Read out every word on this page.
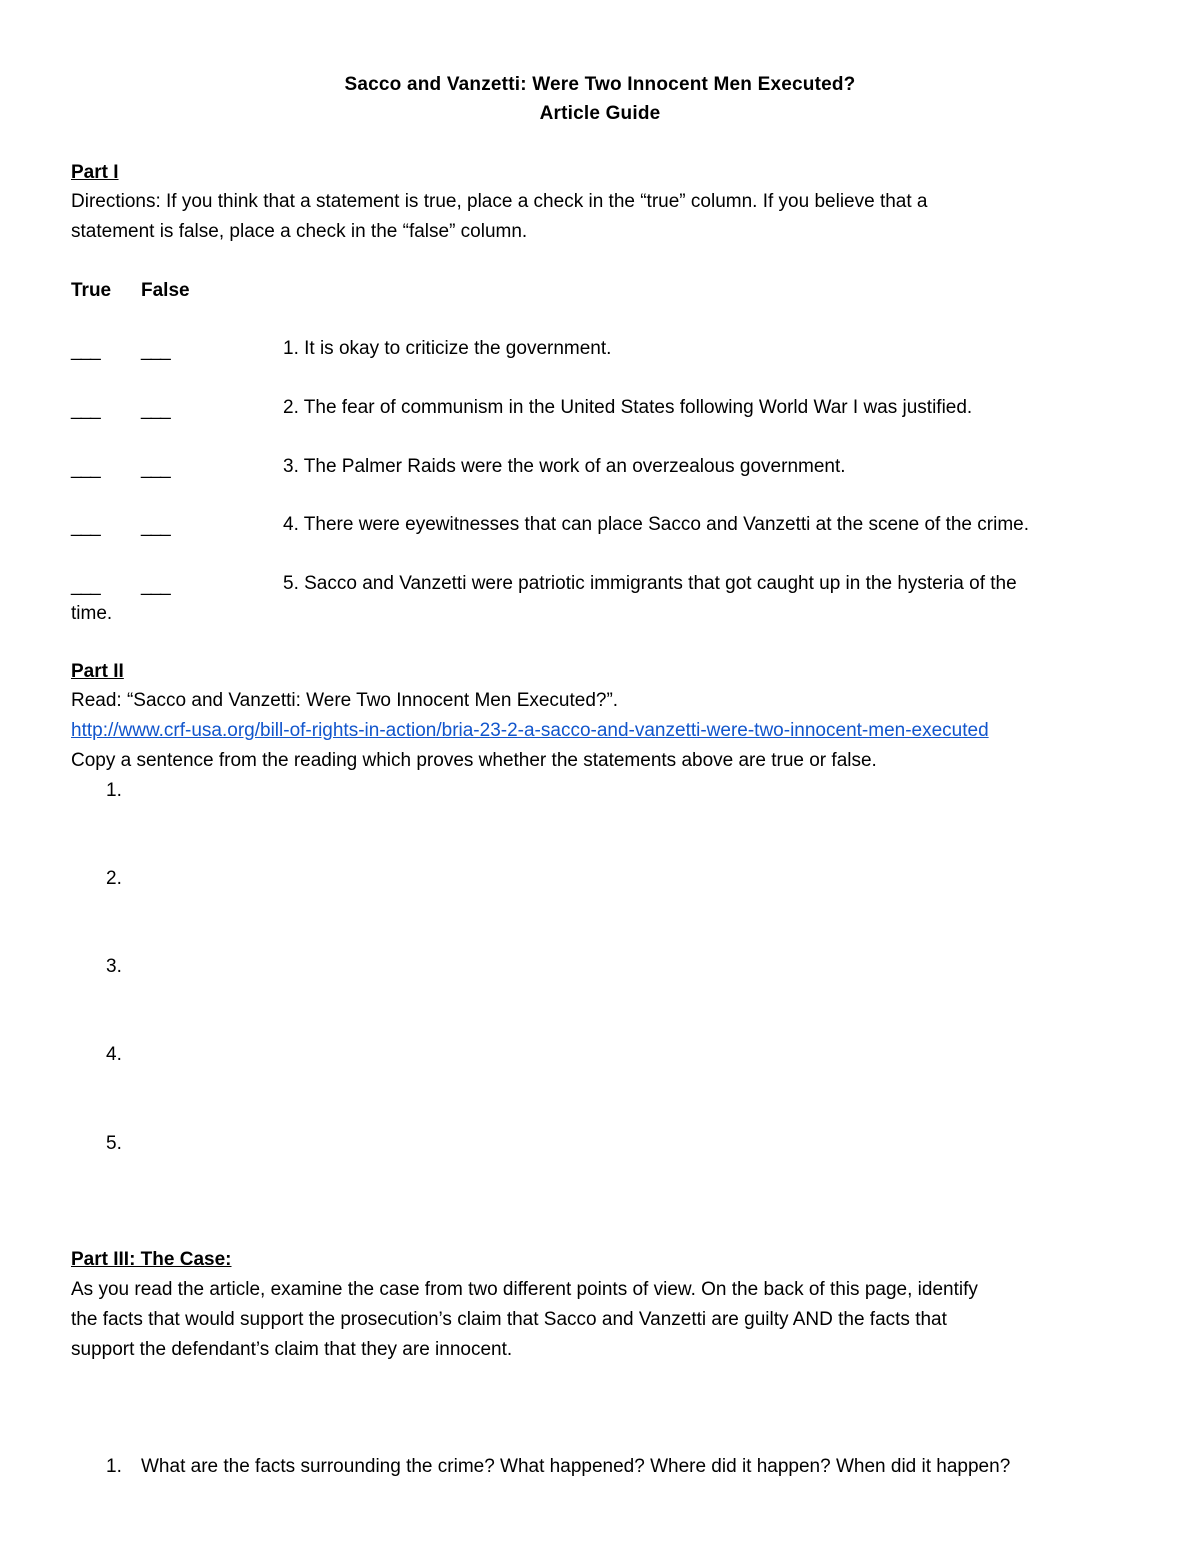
Sacco and Vanzetti: Were Two Innocent Men Executed?
Article Guide
Part I
Directions: If you think that a statement is true, place a check in the “true” column. If you believe that a
statement is false, place a check in the “false” column.
True False
___ ___	1. It is okay to criticize the government.
___ ___	2. The fear of communism in the United States following World War I was justified.
___ ___	3. The Palmer Raids were the work of an overzealous government.
___ ___	4. There were eyewitnesses that can place Sacco and Vanzetti at the scene of the crime.
___ ___	5. Sacco and Vanzetti were patriotic immigrants that got caught up in the hysteria of the
time.
Part II
Read: “Sacco and Vanzetti: Were Two Innocent Men Executed?”.
http://www.crf-usa.org/bill-of-rights-in-action/bria-23-2-a-sacco-and-vanzetti-were-two-innocent-men-executed
Copy a sentence from the reading which proves whether the statements above are true or false.
1.
2.
3.
4.
5.
Part III: The Case:
As you read the article, examine the case from two different points of view. On the back of this page, identify
the facts that would support the prosecution’s claim that Sacco and Vanzetti are guilty AND the facts that
support the defendant’s claim that they are innocent.
1. What are the facts surrounding the crime? What happened? Where did it happen? When did it happen?
